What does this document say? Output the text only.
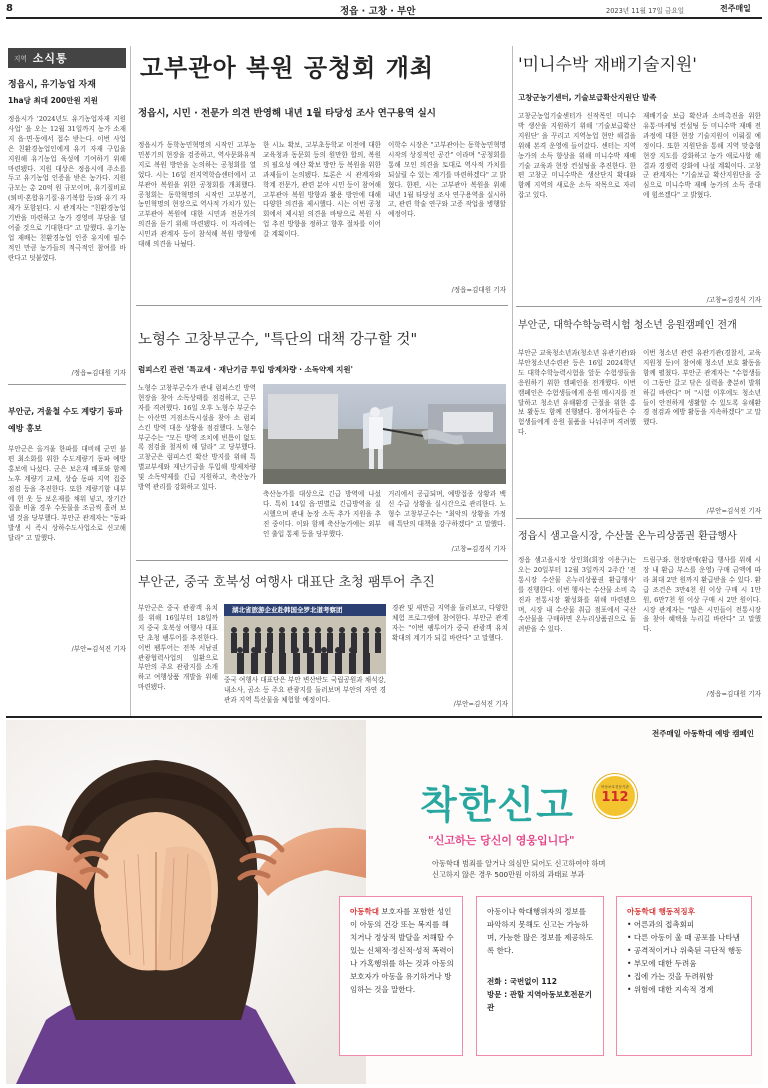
8	정읍 · 고창 · 부안	2023년 11월 17일 금요일	전주매일
지역 소식통
정읍시, 유기농업 자재
1ha당 최대 200만원 지원
정읍시가 '2024년도 유기농업자재 지원사업' 을 오는 12월 31일까지 농가 소재지 읍·면·동에서 접수 받는다. 이번 사업은 친환경농업인에게 유기 자재 구입을 지원해 유기농업 육성에 기여하기 위해 마련됐다. 지원 대상은 정읍시에 주소를 두고 유기농업 인증을 받은 농가다. 지원 규모는 총 20억 원 규모이며, 유기질비료(퇴비·혼합유기질·유기복합 등)와 유기 자재가 포함된다. 시 관계자는 "친환경농업 기반을 마련하고 농가 경영비 부담을 덜어줄 것으로 기대한다" 고 말했다. 유기농업 재배는 친환경농업 인증 유지에 필수적인 만큼 농가들의 적극적인 참여를 바란다고 덧붙였다.
/정읍=김대원 기자
부안군, 겨울철 수도 계량기 동파 예방 홍보
부안군은 올겨울 한파를 대비해 군민 불편 최소화를 위한 수도계량기 동파 예방 홍보에 나섰다. 군은 보온재 배포와 함께 노후 계량기 교체, 상습 동파 지역 집중 점검 등을 추진한다. 또한 계량기함 내부에 헌 옷 등 보온재를 채워 넣고, 장기간 집을 비울 경우 수돗물을 조금씩 흘려 보낼 것을 당부했다. 부안군 관계자는 "동파 발생 시 즉시 상하수도사업소로 신고해 달라" 고 말했다.
/부안=김석진 기자
고부관아 복원 공청회 개최
정읍시, 시민 · 전문가 의견 반영해 내년 1월 타당성 조사 연구용역 실시
정읍시가 동학농민혁명의 시작인 고부농민봉기의 현장을 검증하고, 역사문화유적지로 복원 방안을 논의하는 공청회를 열었다. 시는 16일 전지역학습센터에서 고부관아 복원을 위한 공청회를 개최했다. 공청회는 동학혁명의 시작인 고부봉기, 농민혁명의 현장으로 역사적 가치가 있는 고부관아 복원에 대한 시민과 전문가의 의견을 듣기 위해 마련됐다. 이 자리에는 시민과 관계자 등이 참석해 복원 방향에 대해 의견을 나눴다.
한 시뇨 확보, 고부초등학교 이전에 대한 교육청과 동문회 등의 원만한 합의, 복원의 필요성 예산 확보 방안 등 복원을 위한 과제들이 논의됐다. 토론은 시 관계자와 학계 전문가, 관련 분야 시민 등이 참여해 고부관아 복원 방향과 활용 방안에 대해 다양한 의견을 제시했다. 시는 이번 공청회에서 제시된 의견을 바탕으로 복원 사업 추진 방향을 정하고 향후 절차를 이어갈 계획이다.
이학수 시장은 "고부관아는 동학농민혁명 시작의 상징적인 공간" 이라며 "공청회를 통해 모인 의견을 토대로 역사적 가치를 되살릴 수 있는 계기를 마련하겠다" 고 밝혔다. 한편, 시는 고부관아 복원을 위해 내년 1월 타당성 조사 연구용역을 실시하고, 관련 학술 연구와 고증 작업을 병행할 예정이다.
/정읍=김대원 기자
'미니수박 재배기술지원'
고창군농기센터, 기술보급확산지원단 발족
고창군농업기술센터가 신작목인 미니수박 생산을 지원하기 위해 '기술보급확산지원단' 을 꾸리고 지역농업 현안 해결을 위해 본격 운영에 들어갔다. 센터는 지역 농가의 소득 향상을 위해 미니수박 재배 기술 교육과 현장 컨설팅을 추진한다. 한편 고창군 미니수박은 생산단지 확대와 함께 지역의 새로운 소득 작목으로 자리잡고 있다.
재배기술 보급 확산과 소비촉진을 위한 유통·마케팅 컨설팅 등 미니수박 재배 전 과정에 대한 현장 기술지원이 이뤄질 예정이다. 또한 지원단을 통해 지역 맞춤형 현장 지도를 강화하고 농가 애로사항 해결과 경쟁력 강화에 나설 계획이다. 고창군 관계자는 "기술보급 확산지원단을 중심으로 미니수박 재배 농가의 소득 증대에 힘쓰겠다" 고 밝혔다.
/고창=김경식 기자
노형수 고창부군수, "특단의 대책 강구할 것"
럼피스킨 관련 '특교세 · 재난기금 투입 방제차량 · 소독약제 지원'
노형수 고창부군수가 관내 럼피스킨 방역 현장을 찾아 소독상태를 점검하고, 근무자를 격려했다. 16일 오후 노형수 부군수는 아산면 거점소독시설을 찾아 소 럼피스킨 방역 대응 상황을 점검했다. 노형수 부군수는 "모든 방역 조치에 빈틈이 없도록 점검을 철저히 해 달라" 고 당부했다. 고창군은 럼피스킨 확산 방지를 위해 특별교부세와 재난기금을 투입해 방제차량 및 소독약제를 긴급 지원하고, 축산농가 방역 관리를 강화하고 있다.
축산농가를 대상으로 긴급 방역에 나섰다. 특히 14일 읍·면별로 긴급방역을 실시했으며 관내 농장 소독 추가 지원을 추진 중이다. 이와 함께 축산농가에는 외부인 출입 통제 등을 당부했다.
거리에서 공급되며, 예방접종 상황과 백신 수급 상황을 실시간으로 관리한다. 노형수 고창부군수는 "최악의 상황을 가정해 특단의 대책을 강구하겠다" 고 말했다.
/고창=김경식 기자
부안군, 중국 호북성 여행사 대표단 초청 팸투어 추진
부안군은 중국 관광객 유치를 위해 16일부터 18일까지 중국 호북성 여행사 대표단 초청 팸투어를 추진한다. 이번 팸투어는 전북 서남권 관광협력사업의 일환으로 부안의 주요 관광지를 소개하고 여행상품 개발을 위해 마련됐다.
湖北省旅游企业赴韩国全罗北道考察团
중국 여행사 대표단은 부안 변산반도 국립공원과 채석강, 내소사, 곰소 등 주요 관광지를 둘러보며 부안의 자연 경관과 지역 특산물을 체험할 예정이다.
경관 및 새만금 지역을 둘러보고, 다양한 체험 프로그램에 참여한다. 부안군 관계자는 "이번 팸투어가 중국 관광객 유치 확대의 계기가 되길 바란다" 고 말했다.
/부안=김석진 기자
부안군, 대학수학능력시험 청소년 응원캠페인 전개
부안군 교육청소년과(청소년 유관기관)와 부안청소년수련관 등은 16일 2024학년도 대학수학능력시험을 앞둔 수험생들을 응원하기 위한 캠페인을 전개했다. 이번 캠페인은 수험생들에게 응원 메시지를 전달하고 청소년 유해환경 근절을 위한 홍보 활동도 함께 진행됐다. 참여자들은 수험생들에게 응원 물품을 나눠주며 격려했다.
이번 청소년 관련 유관기관(경찰서, 교육지원청 등)이 참여해 청소년 보호 활동을 함께 펼쳤다. 부안군 관계자는 "수험생들이 그동안 갈고 닦은 실력을 충분히 발휘하길 바란다" 며 "시험 이후에도 청소년들이 안전하게 생활할 수 있도록 유해환경 점검과 예방 활동을 지속하겠다" 고 말했다.
/부안=김석진 기자
정읍시 샘고을시장, 수산물 온누리상품권 환급행사
정읍 샘고을시장 상인회(회장 이용구)는 오는 20일부터 12월 3일까지 2주간 '전통시장 수산물 온누리상품권 환급행사' 를 진행한다. 이번 행사는 수산물 소비 촉진과 전통시장 활성화를 위해 마련됐으며, 시장 내 수산물 취급 점포에서 국산 수산물을 구매하면 온누리상품권으로 돌려받을 수 있다.
드림구좌. 현장판매(환급 행사를 위해 시장 내 환급 부스를 운영) 구매 금액에 따라 최대 2만 원까지 환급받을 수 있다. 환급 조건은 3만4천 원 이상 구매 시 1만 원, 6만7천 원 이상 구매 시 2만 원이다. 시장 관계자는 "많은 시민들이 전통시장을 찾아 혜택을 누리길 바란다" 고 말했다.
/정읍=김대원 기자
전주매일 아동학대 예방 캠페인
착한신고	아동보호전문기관
112
"신고하는 당신이 영웅입니다"
아동학대 범죄를 알거나 의심만 되어도 신고하여야 하며
신고하지 않은 경우 500만원 이하의 과태료 부과
아동학대 보호자를 포함한 성인이 아동의 건강 또는 복지를 해치거나 정상적 발달을 저해할 수 있는 신체적·정신적·성적 폭력이나 가혹행위를 하는 것과 아동의 보호자가 아동을 유기하거나 방임하는 것을 말한다.
아동이나 학대행위자의 정보를 파악하지 못해도 신고는 가능하며, 가능한 많은 정보를 제공하도록 한다.
전화 : 국번없이 112
방문 : 관할 지역아동보호전문기관
아동학대 행동적징후
• 어른과의 접촉회피
• 다른 아동이 울 때 공포를 나타냄
• 공격적이거나 위축된 극단적 행동
• 부모에 대한 두려움
• 집에 가는 것을 두려워함
• 위험에 대한 지속적 경계
